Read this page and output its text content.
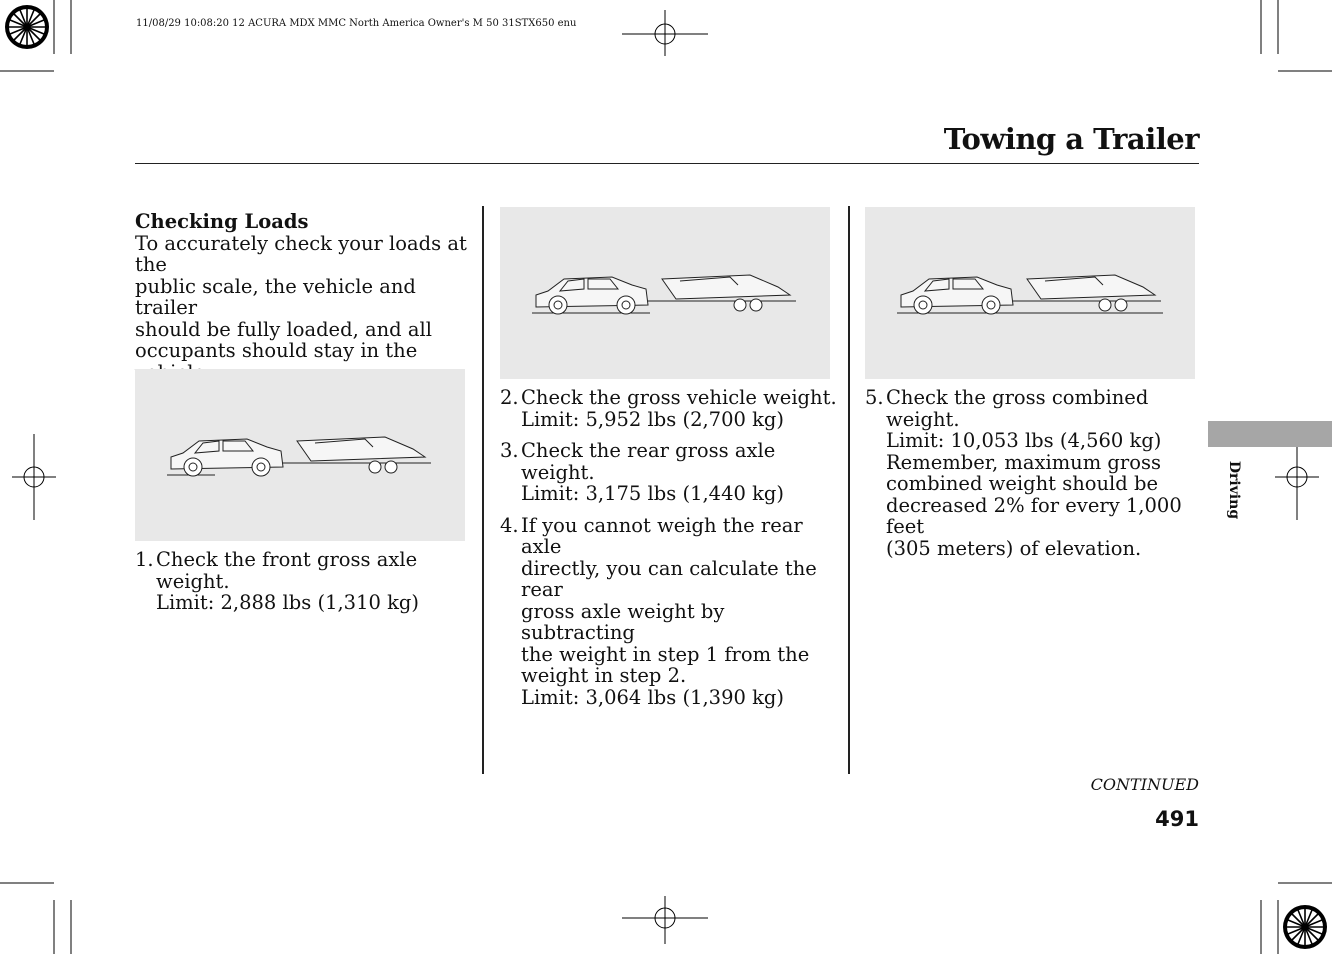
11/08/29 10:08:20 12 ACURA MDX MMC North America Owner's M 50 31STX650 enu
Towing a Trailer

Checking Loads

To accurately check your loads at the

public scale, the vehicle and trailer

should be fully loaded, and all

occupants should stay in the

1. Check the front gross axle weight.

Limit: 2,888 lbs (1,310 kg)

2. Check the gross vehicle weight.

Limit: 5,952 lbs (2,700 kg)

3. Check the rear gross axle weight.

Limit: 3,175 lbs (1,440 kg)

4. If you cannot weigh the rear axle

directly, you can calculate the rear

gross axle weight by subtracting

the weight in step 1 from the

weight in step 2.

Limit: 3,064 lbs (1,390 kg)

5. Check the gross combined weight.

Limit: 10,053 lbs (4,560 kg)

Remember, maximum gross

combined weight should be

decreased 2% for every 1,000 feet

(305 meters) of elevation.

Driving
CONTINUED
491
